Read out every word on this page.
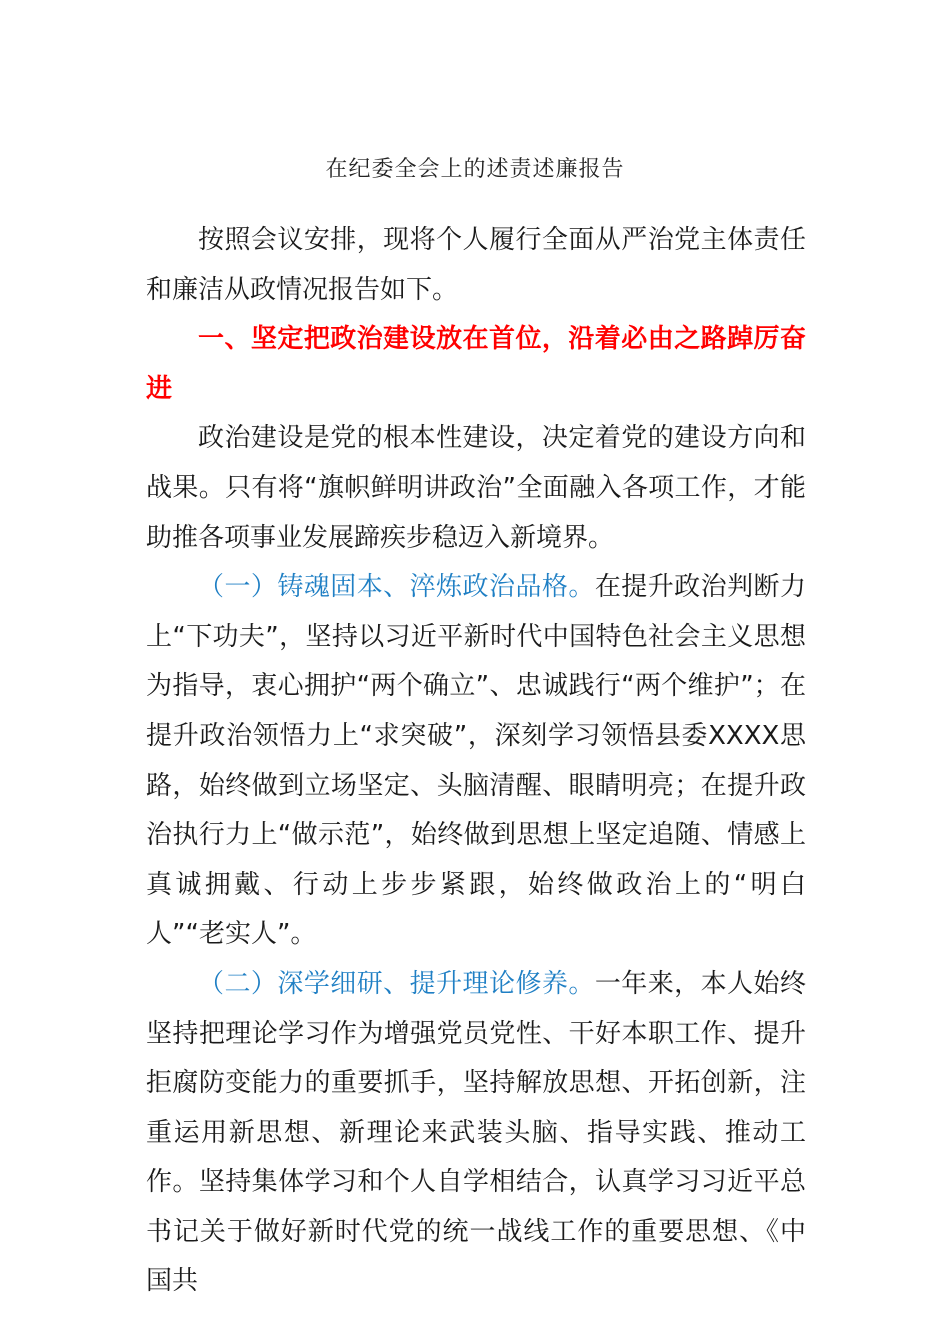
在纪委全会上的述责述廉报告

按照会议安排，现将个人履行全面从严治党主体责任和廉洁从政情况报告如下。

一、坚定把政治建设放在首位，沿着必由之路踔厉奋进

政治建设是党的根本性建设，决定着党的建设方向和战果。只有将“旗帜鲜明讲政治”全面融入各项工作，才能助推各项事业发展蹄疾步稳迈入新境界。

（一）铸魂固本、淬炼政治品格。在提升政治判断力上“下功夫”，坚持以习近平新时代中国特色社会主义思想为指导，衷心拥护“两个确立”、忠诚践行“两个维护”；在提升政治领悟力上“求突破”，深刻学习领悟县委XXXX思路，始终做到立场坚定、头脑清醒、眼睛明亮；在提升政治执行力上“做示范”，始终做到思想上坚定追随、情感上真诚拥戴、行动上步步紧跟，始终做政治上的“明白人”“老实人”。

（二）深学细研、提升理论修养。一年来，本人始终坚持把理论学习作为增强党员党性、干好本职工作、提升拒腐防变能力的重要抓手，坚持解放思想、开拓创新，注重运用新思想、新理论来武装头脑、指导实践、推动工作。坚持集体学习和个人自学相结合，认真学习习近平总书记关于做好新时代党的统一战线工作的重要思想、《中国共
